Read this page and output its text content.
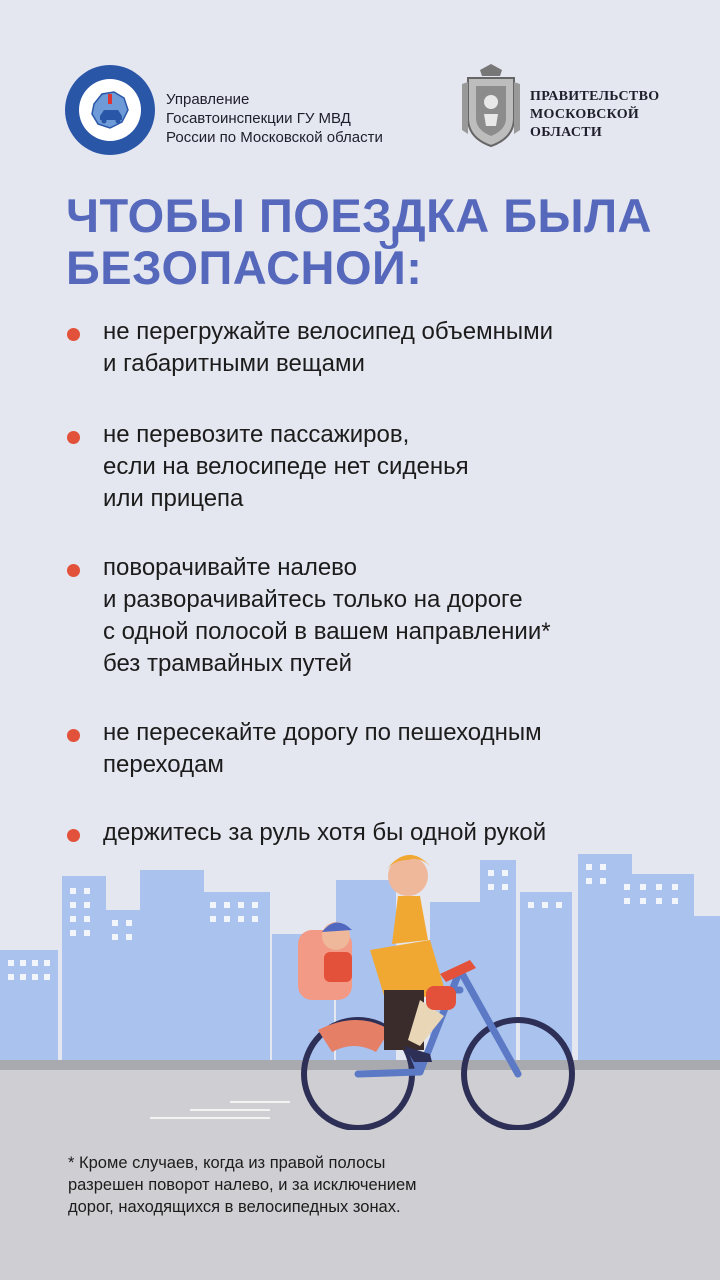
Управление
Госавтоинспекции ГУ МВД
России по Московской области
ПРАВИТЕЛЬСТВО
МОСКОВСКОЙ
ОБЛАСТИ
ЧТОБЫ ПОЕЗДКА БЫЛА
БЕЗОПАСНОЙ:
не перегружайте велосипед объемными
и габаритными вещами
не перевозите пассажиров,
если на велосипеде нет сиденья
или прицепа
поворачивайте налево
и разворачивайтесь только на дороге
с одной полосой в вашем направлении*
без трамвайных путей
не пересекайте дорогу по пешеходным
переходам
держитесь за руль хотя бы одной рукой
* Кроме случаев, когда из правой полосы
разрешен поворот налево, и за исключением
дорог, находящихся в велосипедных зонах.
